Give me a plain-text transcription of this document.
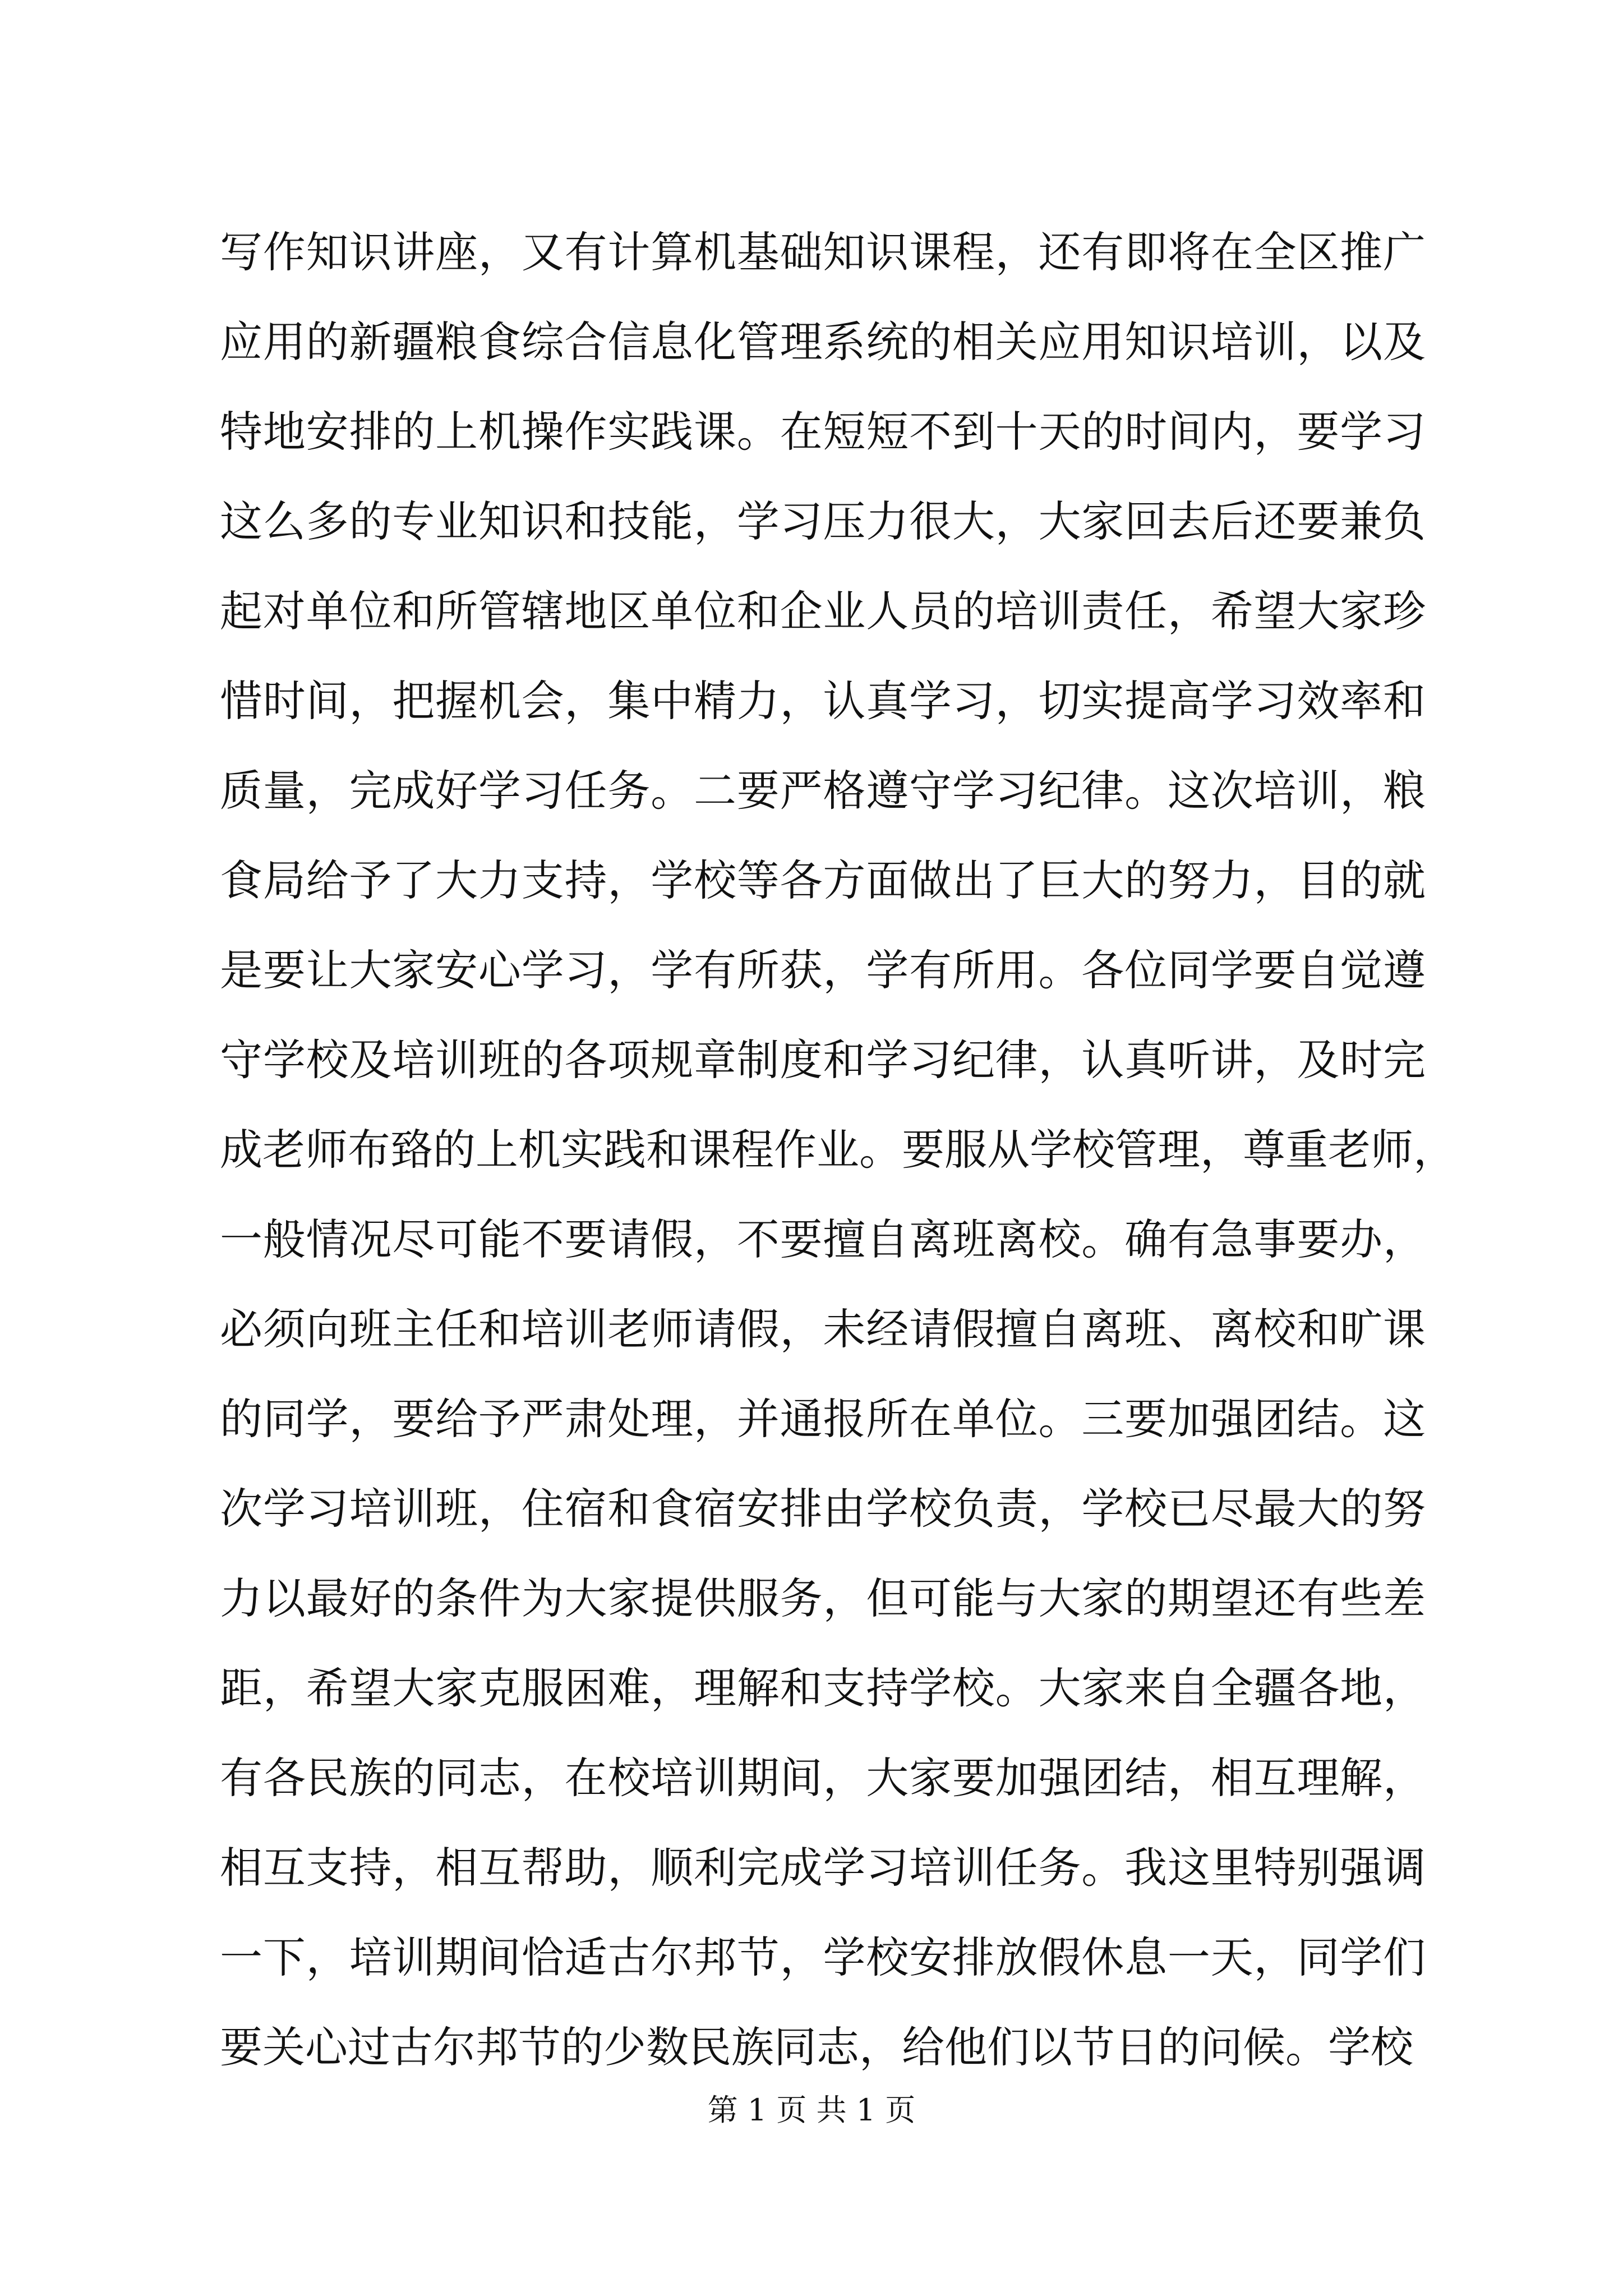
写作知识讲座，又有计算机基础知识课程，还有即将在全区推广
应用的新疆粮食综合信息化管理系统的相关应用知识培训，以及
特地安排的上机操作实践课。在短短不到十天的时间内，要学习
这么多的专业知识和技能，学习压力很大，大家回去后还要兼负
起对单位和所管辖地区单位和企业人员的培训责任，希望大家珍
惜时间，把握机会，集中精力，认真学习，切实提高学习效率和
质量，完成好学习任务。二要严格遵守学习纪律。这次培训，粮
食局给予了大力支持，学校等各方面做出了巨大的努力，目的就
是要让大家安心学习，学有所获，学有所用。各位同学要自觉遵
守学校及培训班的各项规章制度和学习纪律，认真听讲，及时完
成老师布臵的上机实践和课程作业。要服从学校管理，尊重老师，
一般情况尽可能不要请假，不要擅自离班离校。确有急事要办，
必须向班主任和培训老师请假，未经请假擅自离班、离校和旷课
的同学，要给予严肃处理，并通报所在单位。三要加强团结。这
次学习培训班，住宿和食宿安排由学校负责，学校已尽最大的努
力以最好的条件为大家提供服务，但可能与大家的期望还有些差
距，希望大家克服困难，理解和支持学校。大家来自全疆各地，
有各民族的同志，在校培训期间，大家要加强团结，相互理解，
相互支持，相互帮助，顺利完成学习培训任务。我这里特别强调
一下，培训期间恰适古尔邦节，学校安排放假休息一天，同学们
要关心过古尔邦节的少数民族同志，给他们以节日的问候。学校
第 1 页 共 1 页
